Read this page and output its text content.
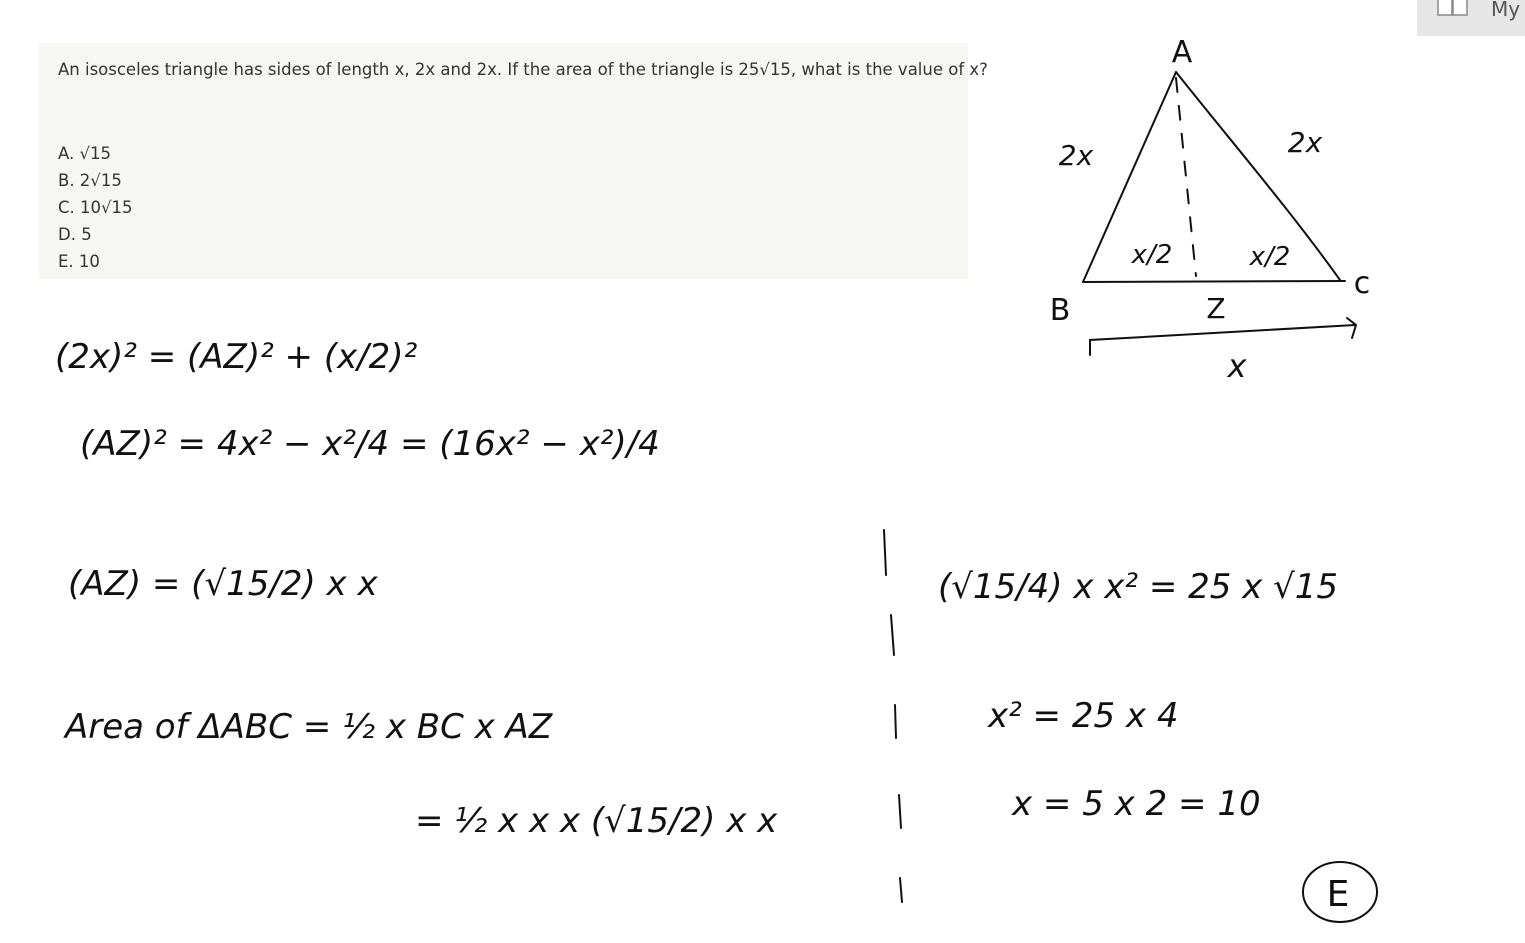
An isosceles triangle has sides of length x, 2x and 2x. If the area of the triangle is 25√15, what is the value of x?
A. √15
B. 2√15
C. 10√15
D. 5
E. 10
My
A
B
c
Z
2x	2x
x/2	x/2
x
(2x)² = (AZ)² + (x/2)²
(AZ)² = 4x² − x²/4 = (16x² − x²)/4
(AZ) = (√15/2) x x
Area of ΔABC = ½ x BC x AZ
= ½ x x x (√15/2) x x
(√15/4) x x² = 25 x √15
x² = 25 x 4
x = 5 x 2 = 10
E
